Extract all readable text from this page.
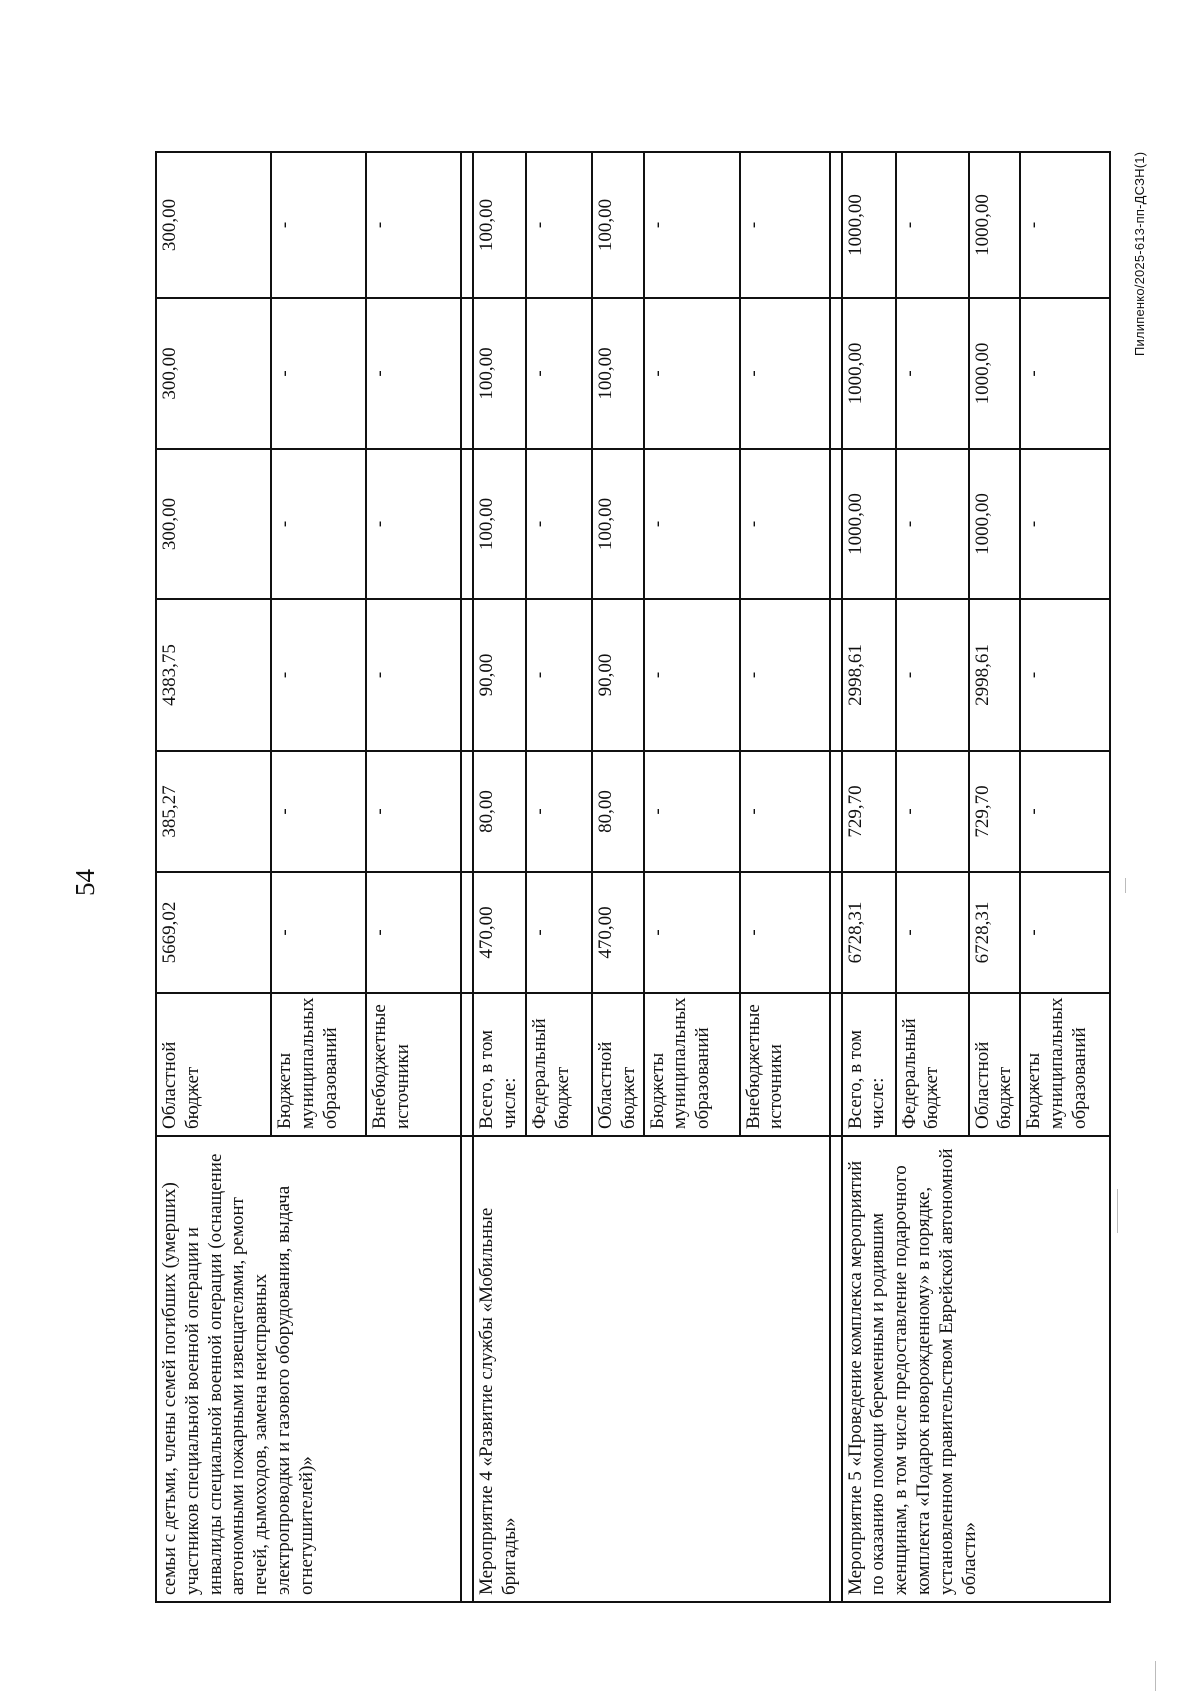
54
семьи с детьми, члены семей погибших (умерших) участников специальной военной операции и инвалиды специальной военной операции (оснащение автономными пожарными извещателями, ремонт печей, дымоходов, замена неисправных электропроводки и газового оборудования, выдача огнетушителей)»	Областной бюджет	5669,02	385,27	4383,75	300,00	300,00	300,00
	Бюджеты муниципальных образований	-	-	-	-	-	-
	Внебюджетные источники	-	-	-	-	-	-

Мероприятие 4 «Развитие службы «Мобильные бригады»	Всего, в том числе:	470,00	80,00	90,00	100,00	100,00	100,00
	Федеральный бюджет	-	-	-	-	-	-
	Областной бюджет	470,00	80,00	90,00	100,00	100,00	100,00
	Бюджеты муниципальных образований	-	-	-	-	-	-
	Внебюджетные источники	-	-	-	-	-	-

Мероприятие 5 «Проведение комплекса мероприятий по оказанию помощи беременным и родившим женщинам, в том числе предоставление подарочного комплекта «Подарок новорожденному» в порядке, установленном правительством Еврейской автономной области»	Всего, в том числе:	6728,31	729,70	2998,61	1000,00	1000,00	1000,00
	Федеральный бюджет	-	-	-	-	-	-
	Областной бюджет	6728,31	729,70	2998,61	1000,00	1000,00	1000,00
	Бюджеты муниципальных образований	-	-	-	-	-	-	Пилипенко/2025-613-пп-ДСЗН(1)
